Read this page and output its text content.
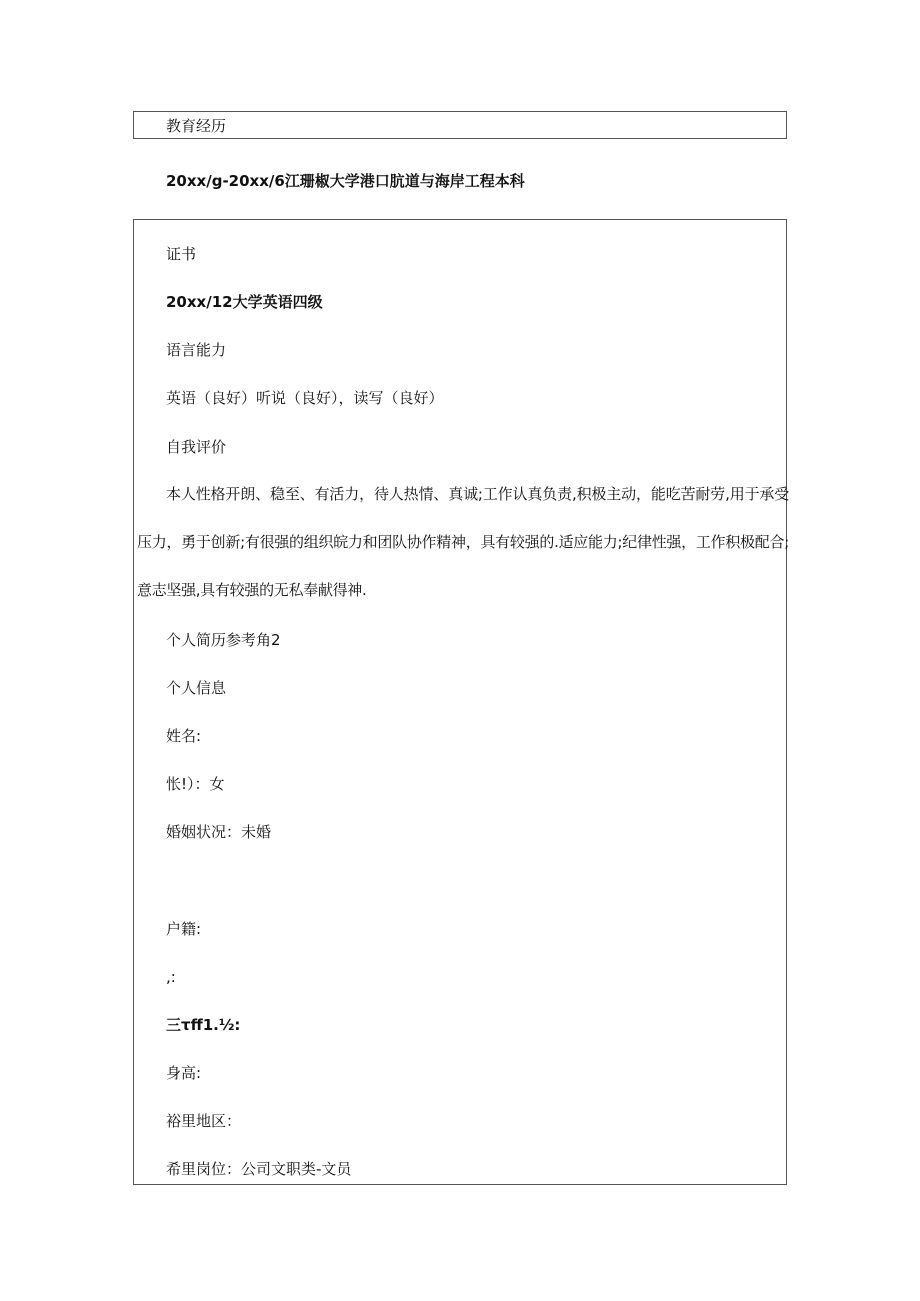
教育经历

20xx/g-20xx/6江珊椒大学港口肮道与海岸工程本科

证书

20xx/12大学英语四级

语言能力

英语（良好）听说（良好），读写（良好）

自我评价

本人性格开朗、稳至、有活力，待人热情、真诚;工作认真负责,积极主动，能吃苦耐劳,用于承受压力，勇于创新;有很强的组织皖力和团队协作精神，具有较强的.适应能力;纪律性强，工作积极配合;意志坚强,具有较强的无私奉献得神.

个人简历参考角2

个人信息

姓名:

怅!）：女

婚姻状况：未婚

户籍:

,:

三τff1.½:

身高:

裕里地区：

希里岗位：公司文职类-文员
